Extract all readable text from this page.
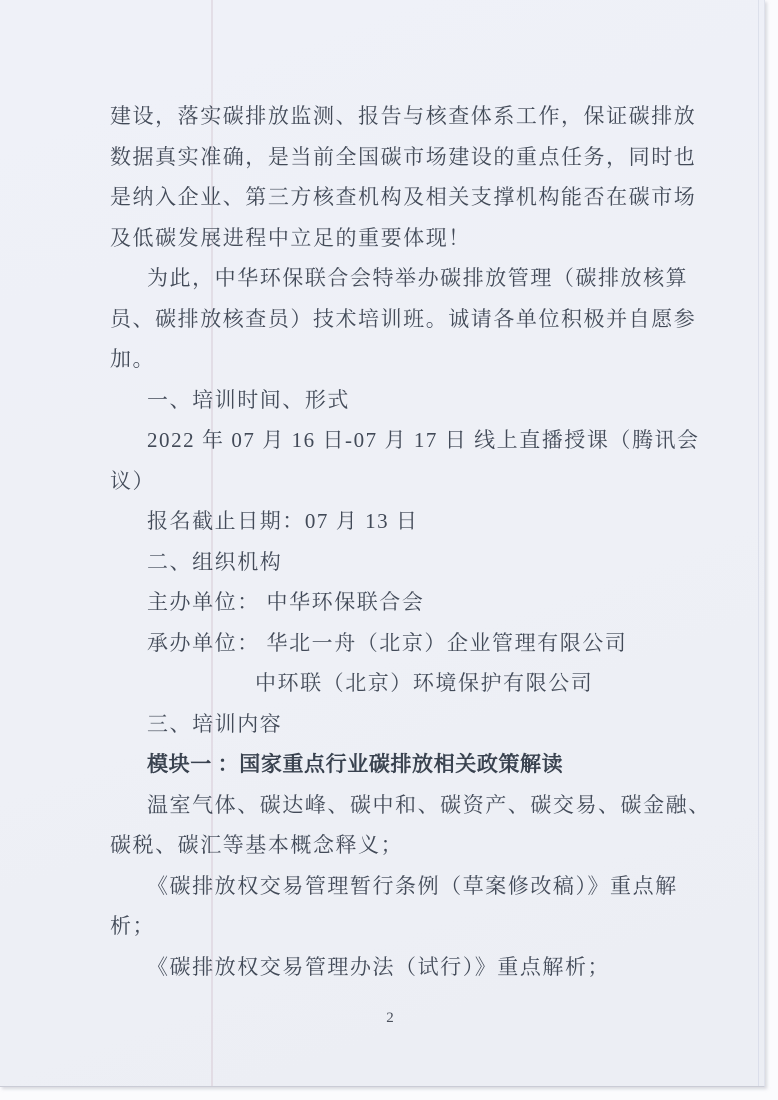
建设，落实碳排放监测、报告与核查体系工作，保证碳排放
数据真实准确，是当前全国碳市场建设的重点任务，同时也
是纳入企业、第三方核查机构及相关支撑机构能否在碳市场
及低碳发展进程中立足的重要体现！
为此，中华环保联合会特举办碳排放管理（碳排放核算
员、碳排放核查员）技术培训班。诚请各单位积极并自愿参
加。
一、培训时间、形式
2022 年 07 月 16 日-07 月 17 日 线上直播授课（腾讯会
议）
报名截止日期：07 月 13 日
二、组织机构
主办单位： 中华环保联合会
承办单位： 华北一舟（北京）企业管理有限公司
中环联（北京）环境保护有限公司
三、培训内容
模块一 ：国家重点行业碳排放相关政策解读
温室气体、碳达峰、碳中和、碳资产、碳交易、碳金融、
碳税、碳汇等基本概念释义；
《碳排放权交易管理暂行条例（草案修改稿）》重点解
析；
《碳排放权交易管理办法（试行）》重点解析；
2
